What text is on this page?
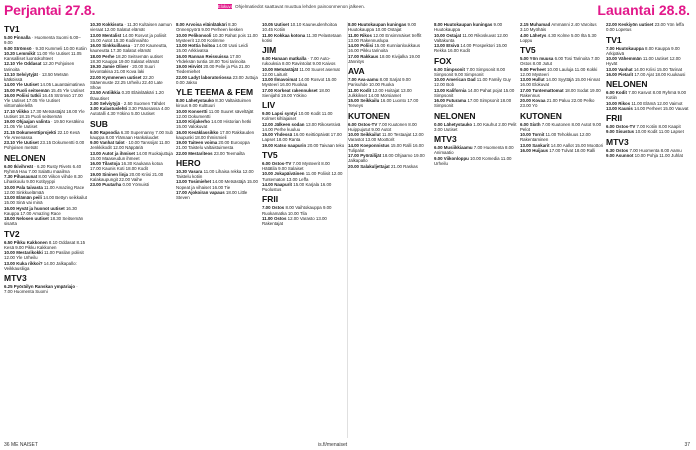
Perjantai 27.8.	Elokuva Ohjelmatiedot saattavat muuttua lehden painoonmenon jälkeen.	Lauantai 28.8.
TV1

5.00 Pinnalla · Huomenta Suomi 6.00–9.00

9.00 Strömsö · 9.30 Kummeli 10.00 Kotiin

10.20 Lemmikit 11.00 Yle Uutiset 11.05 Kansalliset luontokohteet

12.10 Yle Oddasat 12.20 Pohjoisen tarinoita

13.10 Selviytyjät · 13.50 Metsän kätköissä

14.00 Yle Uutiset 14.05 Lauantaimatinea

15.00 Puoli seitsemän 15.45 Yle Uutiset

16.00 Poliisi tutkii 16.45 Strömsö 17.00 Yle Uutiset 17.05 Yle Uutiset viittomakielellä

17.10 Viikko 17.30 Metsästäjät 18.00 Yle Uutiset 18.15 Puoli seitsemän

19.00 Ohjaajan valinta · 19.50 Kesäkino 21.05 Yle Uutiset

21.15 Dokumenttiprojekti 22.10 Kesä Yle Areenassa

23.10 Yle Uutiset 23.15 Dokumentti 0.00 Pohjoisen metsät

NELONEN

6.00 Ikivihreät · 6.20 Rusty Rivets 6.40 Ryhmä Hau 7.00 Salattu maailma

7.30 Pihasaunat 8.00 Viikon viihde 8.30 Lihaskoulu 9.00 Kotityyppi

10.00 Pala taivasta 11.00 Amazing Race 12.00 Sinkkuelämää

13.00 Elämän peili 14.00 Bettyn seikkailut 15.00 Sinä vai minä

16.00 Hyvät ja huonot uutiset 16.30 Kauppa 17.00 Amazing Race

18.00 Nelosen uutiset 18.30 Seitsemän sisarta

TV2

6.50 Pikku Kakkonen 8.10 Oddasat 8.15 Kesä 9.00 Pikku Kakkonen

10.00 Mestarikokki 11.00 Pasilan poliisit 12.00 Yle Urheilu

13.00 Kuka rikkoi? 14.00 Jalkapallo: Veikkausliiga

MTV3

6.25 Pyöräilyn Ranskan ympäriajo · 7.00 Huomenta Suomi

10.30 Kokkisota · 11.30 Kultaisen aamun vieraat 12.00 Salatut elämät

13.00 Mentalist 14.00 Rosvot ja poliisit 15.00 Autot 15.30 Kodinvaihto

16.00 Sinkkuillassa · 17.00 Kauneutta, kauneutta 17.30 Salatut elämät

18.00 Perhe 18.20 Seitsemän uutiset 18.30 Kauppa 19.00 Salatut elämät

19.30 Jamie Oliver · 20.00 Suuri leivontakisa 21.00 Kova laki

22.00 Kymmenen uutiset 22.20 Sääennuste 22.25 Urheilu 22.40 Late Show

23.50 Antiikkia 0.20 Eläinlääkäri 1.20 Iltauutiset

2.00 Selviytyjä · 2.50 Suomen Tähdet

3.00 Kalastuslehti 3.30 Pääosassa 4.00 Autotalli 4.30 Yökino 5.00 Uutiset

SUB

6.00 Rapsodia 6.30 Supernanny 7.00 Sub kauppa 8.00 Ylämaan Hankaluudet

9.00 Vanhat talot · 10.00 Tanssijat 11.00 Jenkkikodit 12.00 Näppäriä

13.00 Autot ja ihmiset 14.00 Ruokajuttuja 15.00 Maaseudun ihmeet

16.00 Tilastoja 16.30 Kaukana kotoa 17.00 Kaunis Koti 18.00 Kodit

19.00 Sininen linja 20.00 Kriisi 21.00 Kalakaupungit 22.00 Vaihe

23.00 Puutarha 0.00 Yömuisti

8.00 Arvoisa eläinlääkäri 8.30 Onnenpyörä 9.00 Perheen kesken

10.00 Pelikonsoli 10.30 Rahat pois 11.00 Mysteerit 12.00 Kotimme

13.00 Hottia hoitoa 14.00 Uusi Leidi 15.00 Arkkivatsa

16.00 Rannan Reissuissa 17.00 Yhdeksän tuntia 18.00 Tosi tarinoita

19.00 Hirviöt 20.00 Pelle ja Pia 21.00 Tiedemiehet

22.00 Ladyt laboratoriossa 23.00 Juttuja 0.00 Jakso

YLE TEEMA & FEM

8.00 Lähetystauko 8.30 Valtaistuimen kirous 9.00 Kulttuuri

10.00 Konsertti 11.00 Suuret säveltäjät 12.00 Dokumentti

13.00 Kirjakerho 14.00 Historian hetki 15.00 Valokuvat

16.00 Kesäklassikko 17.00 Rakkauden kaupunki 18.00 Ihmismieli

19.00 Taiteen voima 20.00 Eurooppa 21.00 Taistelu valtaistuimesta

22.00 Mestariteos 23.00 Teemailta

HERO

10.30 Vasara 11.00 Lihaisa rekka 12.00 Taistelu kotiin

13.00 Tosimiehet 14.00 Metsästäjä 15.00 Nopeat ja vihaiset 16.00 Tie

17.00 Ajokoiran vapaus 18.00 Little Steven

10.05 Uutiset 10.10 Kauneudenhoitoa 10.45 Kotiin

11.00 Kokkaa kotona 11.30 Pelastetaan kotisi

JIM

6.00 Hanaan matkalla · 7.00 Auto-rukouksia 8.00 Ravintolat 9.00 Kaivos

10.00 Metsästäjät 11.00 Suuret asemat 12.00 Laiturit

13.00 Ilmavoimat 14.00 Rosvot 15.00 Mysteeri 16.00 Ruokaa

17.00 Korkeat rakennukset 18.00 Sienijahti 19.00 Yökino

LIV

9.00 Lapsi syntyi 10.00 Kodit 11.00 Kolmet kihlajaiset

12.00 Jälkeen sodan 13.00 Rikosetsivä 14.00 Perhe kuuluu

15.00 Yhdessä 16.00 Keittiöpäivät 17.00 Lapset 18.00 Ranta

19.00 Katso naapurin 20.00 Taivaan teko

TV5

6.00 Ostos-TV 7.00 Mysteerit 8.00 Hätätila 9.00 Salaiset

10.00 Jokapäiväinen 11.00 Poliisit 12.00 Tuntematon 13.00 Leffa

14.00 Naapurit 15.00 Karjala 16.00 Puolustus

FRII

7.00 Ostos 8.00 Vaihtokauppa 9.00 Ruokamatka 10.00 Tila

11.00 Ostos 12.00 Varasto 13.00 Rakentajat

8.00 Huutokaupan kuningas 9.00 Huutokauppa 10.00 Ostajat

11.00 Rikos 12.00 Ensimmäiset treffit 13.00 Rakennuslupa

14.00 Poliisi 15.00 Kunnianloukkaus 16.00 Pikku tarinoita

17.00 Rakkaus 18.00 Kivijalka 19.00 Jännitys

AVA

7.00 Ava-aamu 8.00 Sarjat 9.00 Parisuhde 10.00 Ruoka

11.00 Kodit 12.00 Hoitajat 13.00 Julkkikset 14.00 Morsiamet

15.00 Seikkailu 16.00 Luonto 17.00 Terveys

KUTONEN

6.00 Ostos-TV 7.00 Kuutonen 8.00 Huippujutut 9.00 Autot

10.00 Seikkailut 11.00 Testaajat 12.00 Varastot 13.00 Moottorit

14.00 Koeponnistus 15.00 Ralli 16.00 Tulipalot

17.00 Pyöräilijät 18.00 Ohjaamo 19.00 Jalkapallo

20.00 Salakuljettajat 21.00 Raskas

8.00 Huutokaupan kuningas 9.00 Huutokauppa

10.00 Ostajat 11.00 Rikoskuvat 12.00 Valtakunta

13.00 Etsivä 14.00 Prospektori 15.00 Rekka 16.00 Kodit

FOX

6.00 Simpsonit 7.00 Simpsonit 8.00 Simpsonit 9.00 Simpsonit

10.00 American Dad 11.00 Family Guy 12.00 Bob

13.00 Kalifornia 14.00 Pahat pojat 15.00 Simpsonit

16.00 Futurama 17.00 Simpsonit 18.00 Simpsonit

NELONEN

0.00 Lähetystauko 1.00 Kauhut 2.00 Pelit 3.00 Uutiset

MTV3

6.00 Musiikkiaamu 7.00 Huomenta 8.00 Animaatio

9.00 Viikonloppu 10.00 Komedia 11.00 Urheilu

2.15 Muhamad Ammanni 2.40 Varoitus 3.10 Myöhäis

4.00 Lähetys 4.30 Kolme 5.00 Ilta 5.30 Loppu

TV5

5.00 Yön muusa 6.00 Tosi Tarinoita 7.00 Ostos 8.00 Jutut

9.00 Perheet 10.00 Lauluja 11.00 Kokki 12.00 Mysteeri

13.00 Hullut 14.00 Syyttäjä 15.00 Hinnat 16.00 Elokuvat

17.00 Tuntemattomat 18.00 Sodat 19.00 Rakennus

20.00 Kovaa 21.00 Paluu 22.00 Pelko 23.00 Yö

KUTONEN

6.00 Sixth 7.00 Kuutonen 8.00 Autot 9.00 Pelot

10.00 Tornit 11.00 Tehokkuus 12.00 Rakentaminen

13.00 Sankarit 14.00 Aallot 15.00 Moottori

16.00 Huijaus 17.00 Tulvat 18.00 Ralli

22.00 Keskiyön uutiset 23.00 Yön leffa 0.00 Lopetus

TV1

7.00 Huutokauppa 8.00 Kauppa 9.00 Arkipäivä

10.00 Vähemmän 11.00 Uutiset 12.00 Hyvät

13.00 Vanhat 14.00 Kriisi 15.00 Tarinat

16.00 Pietarit 17.00 Ajat 18.00 Kuukausi

NELONEN

6.00 Kodit 7.00 Kasvot 8.00 Ryhmä 9.00 Kotiin

10.00 Rikos 11.00 Elämä 12.00 Vaimot

13.00 Kaunis 14.00 Perheet 15.00 Vauvat

FRII

6.00 Ostos-TV 7.00 Kotiin 8.00 Kaapit

9.00 Sisustus 10.00 Kodit 11.00 Lapset

MTV3

6.30 Ostos 7.00 Huomenta 8.00 Aamu

9.00 Asunnot 10.00 Pohja 11.00 Juhlat

36 ME NAISET	is.fi/menaiset	37
